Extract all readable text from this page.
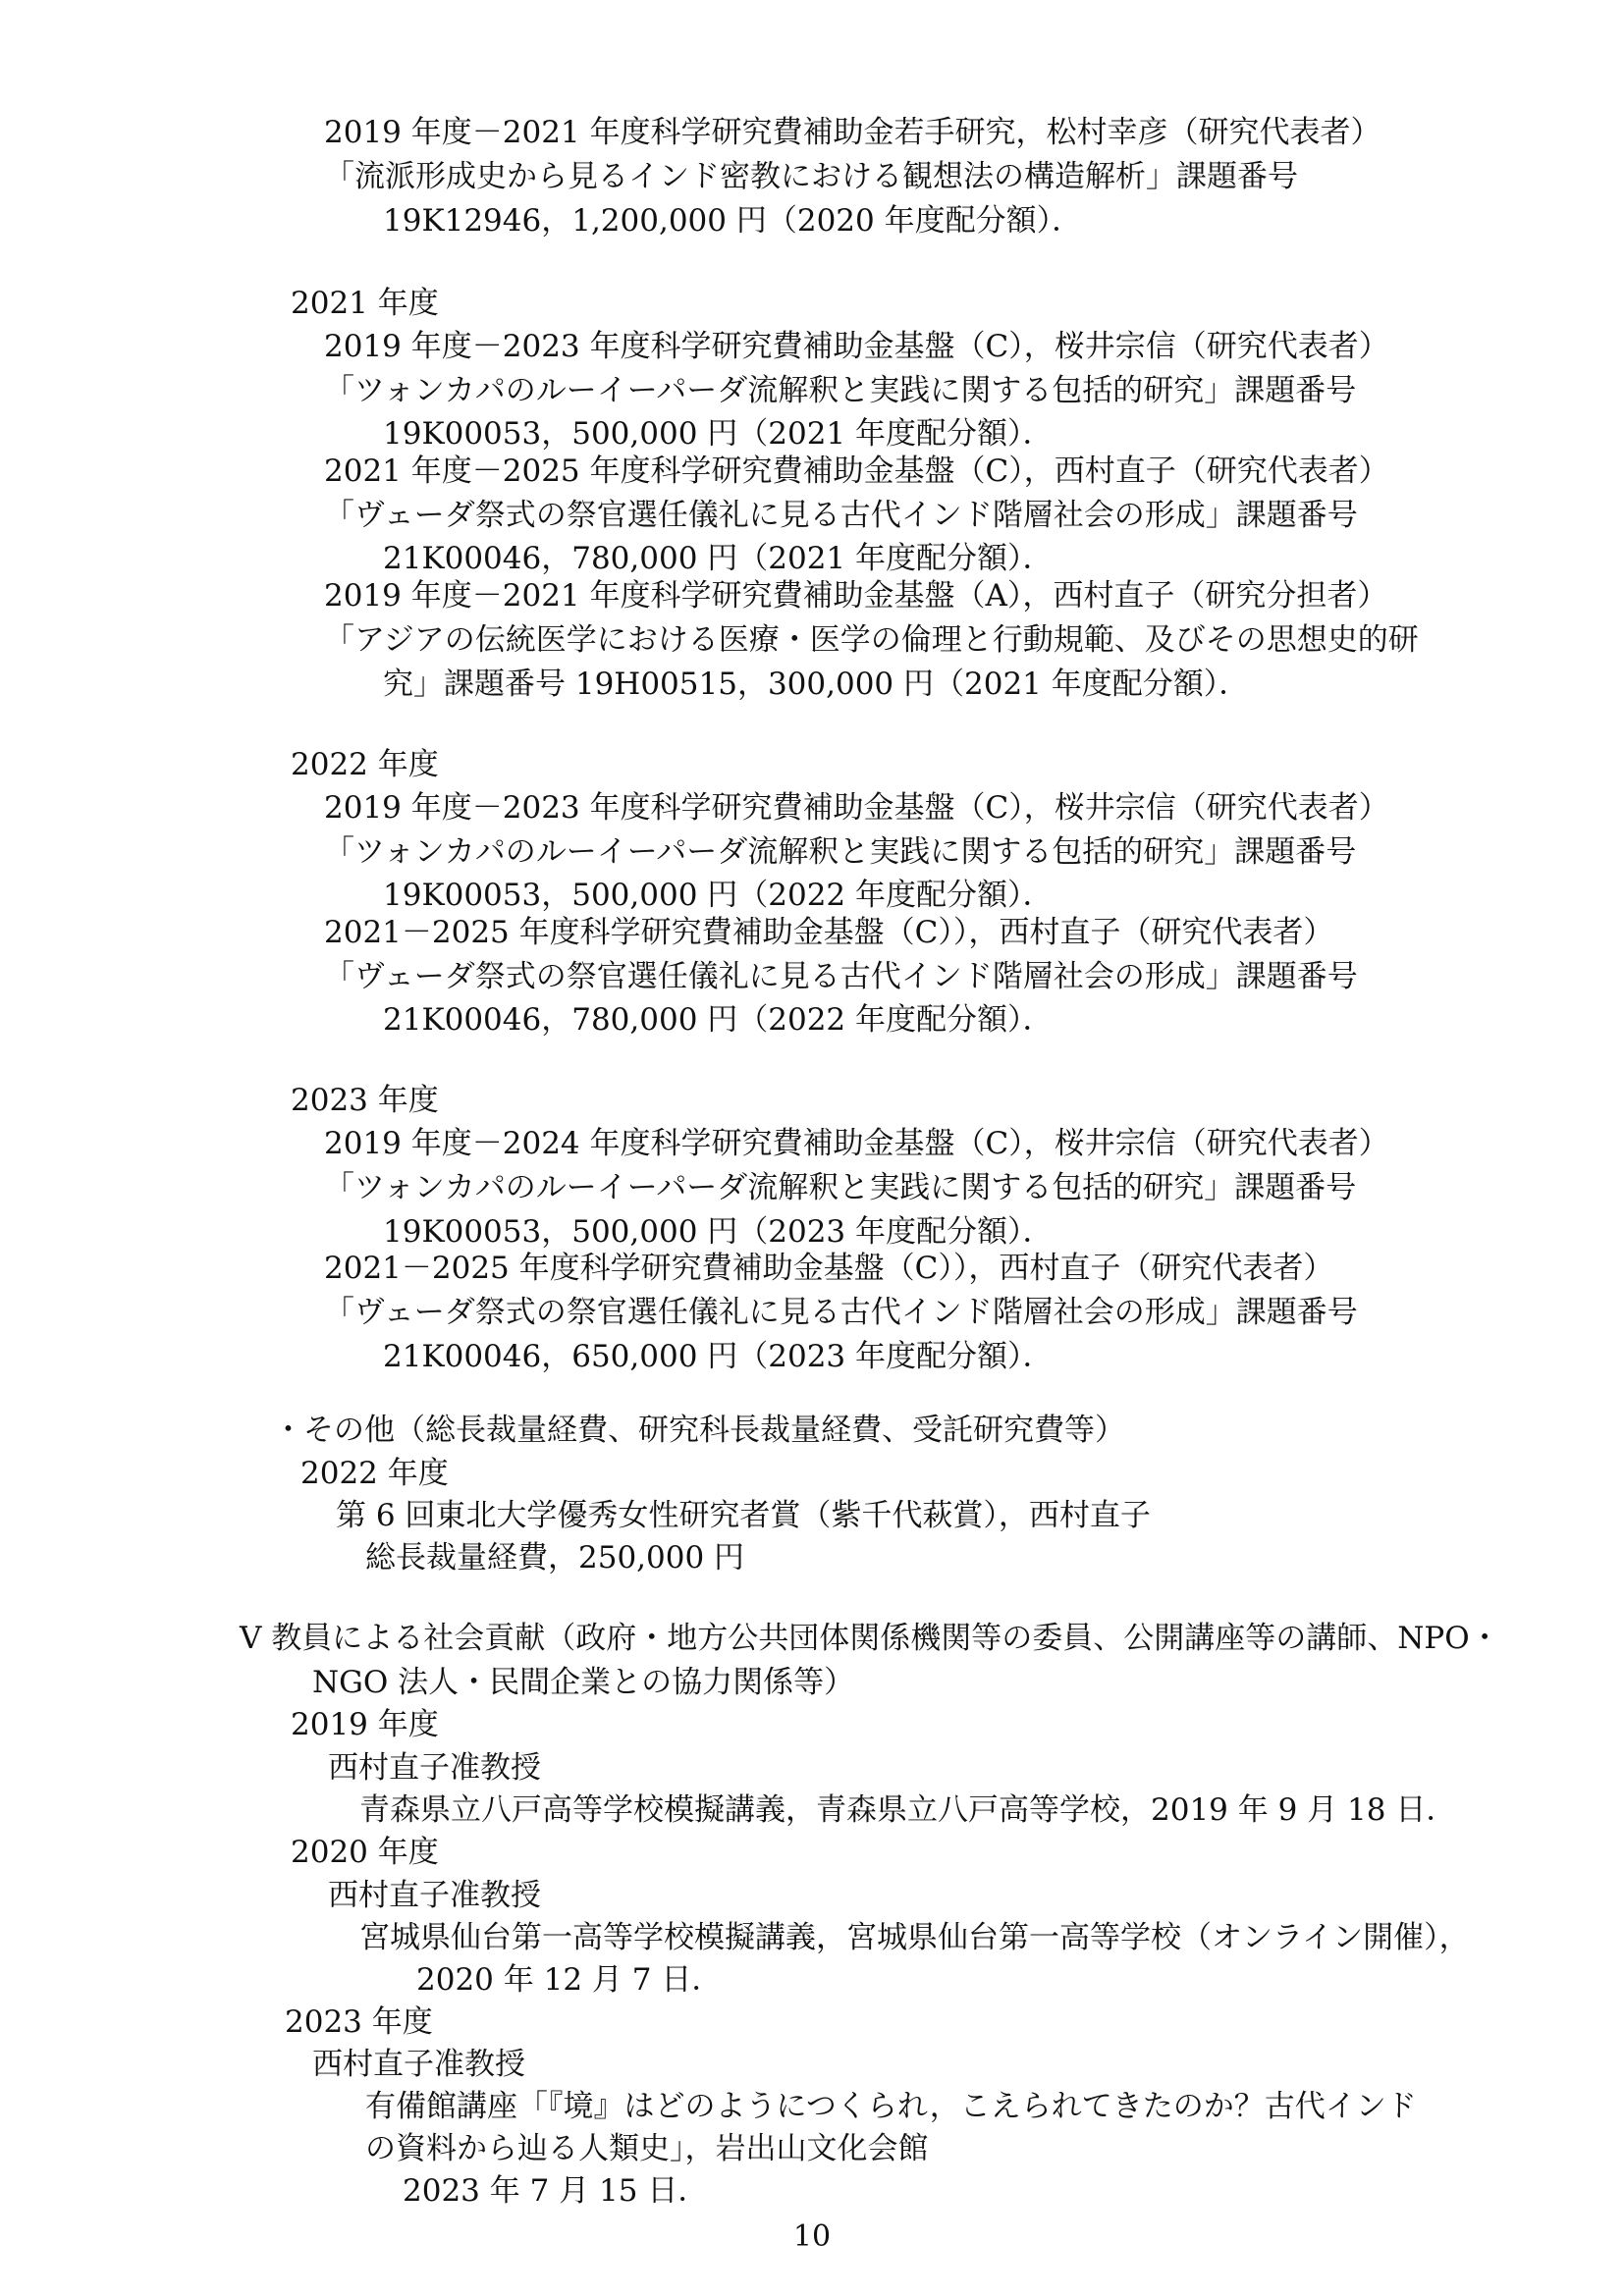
2019 年度－2021 年度科学研究費補助金若手研究，松村幸彦（研究代表者）
「流派形成史から見るインド密教における観想法の構造解析」課題番号
19K12946，1,200,000 円（2020 年度配分額）．
2021 年度
2019 年度－2023 年度科学研究費補助金基盤（C），桜井宗信（研究代表者）
「ツォンカパのルーイーパーダ流解釈と実践に関する包括的研究」課題番号
19K00053，500,000 円（2021 年度配分額）．
2021 年度－2025 年度科学研究費補助金基盤（C），西村直子（研究代表者）
「ヴェーダ祭式の祭官選任儀礼に見る古代インド階層社会の形成」課題番号
21K00046，780,000 円（2021 年度配分額）．
2019 年度－2021 年度科学研究費補助金基盤（A），西村直子（研究分担者）
「アジアの伝統医学における医療・医学の倫理と行動規範、及びその思想史的研
究」課題番号 19H00515，300,000 円（2021 年度配分額）．
2022 年度
2019 年度－2023 年度科学研究費補助金基盤（C），桜井宗信（研究代表者）
「ツォンカパのルーイーパーダ流解釈と実践に関する包括的研究」課題番号
19K00053，500,000 円（2022 年度配分額）．
2021－2025 年度科学研究費補助金基盤（C）），西村直子（研究代表者）
「ヴェーダ祭式の祭官選任儀礼に見る古代インド階層社会の形成」課題番号
21K00046，780,000 円（2022 年度配分額）．
2023 年度
2019 年度－2024 年度科学研究費補助金基盤（C），桜井宗信（研究代表者）
「ツォンカパのルーイーパーダ流解釈と実践に関する包括的研究」課題番号
19K00053，500,000 円（2023 年度配分額）．
2021－2025 年度科学研究費補助金基盤（C）），西村直子（研究代表者）
「ヴェーダ祭式の祭官選任儀礼に見る古代インド階層社会の形成」課題番号
21K00046，650,000 円（2023 年度配分額）．
・その他（総長裁量経費、研究科長裁量経費、受託研究費等）
2022 年度
第 6 回東北大学優秀女性研究者賞（紫千代萩賞），西村直子
総長裁量経費，250,000 円
Ⅴ 教員による社会貢献（政府・地方公共団体関係機関等の委員、公開講座等の講師、NPO・
NGO 法人・民間企業との協力関係等）
2019 年度
西村直子准教授
青森県立八戸高等学校模擬講義，青森県立八戸高等学校，2019 年 9 月 18 日．
2020 年度
西村直子准教授
宮城県仙台第一高等学校模擬講義，宮城県仙台第一高等学校（オンライン開催），
2020 年 12 月 7 日．
2023 年度
西村直子准教授
有備館講座「『境』はどのようにつくられ，こえられてきたのか？古代インド
の資料から辿る人類史」，岩出山文化会館
2023 年 7 月 15 日．
10
